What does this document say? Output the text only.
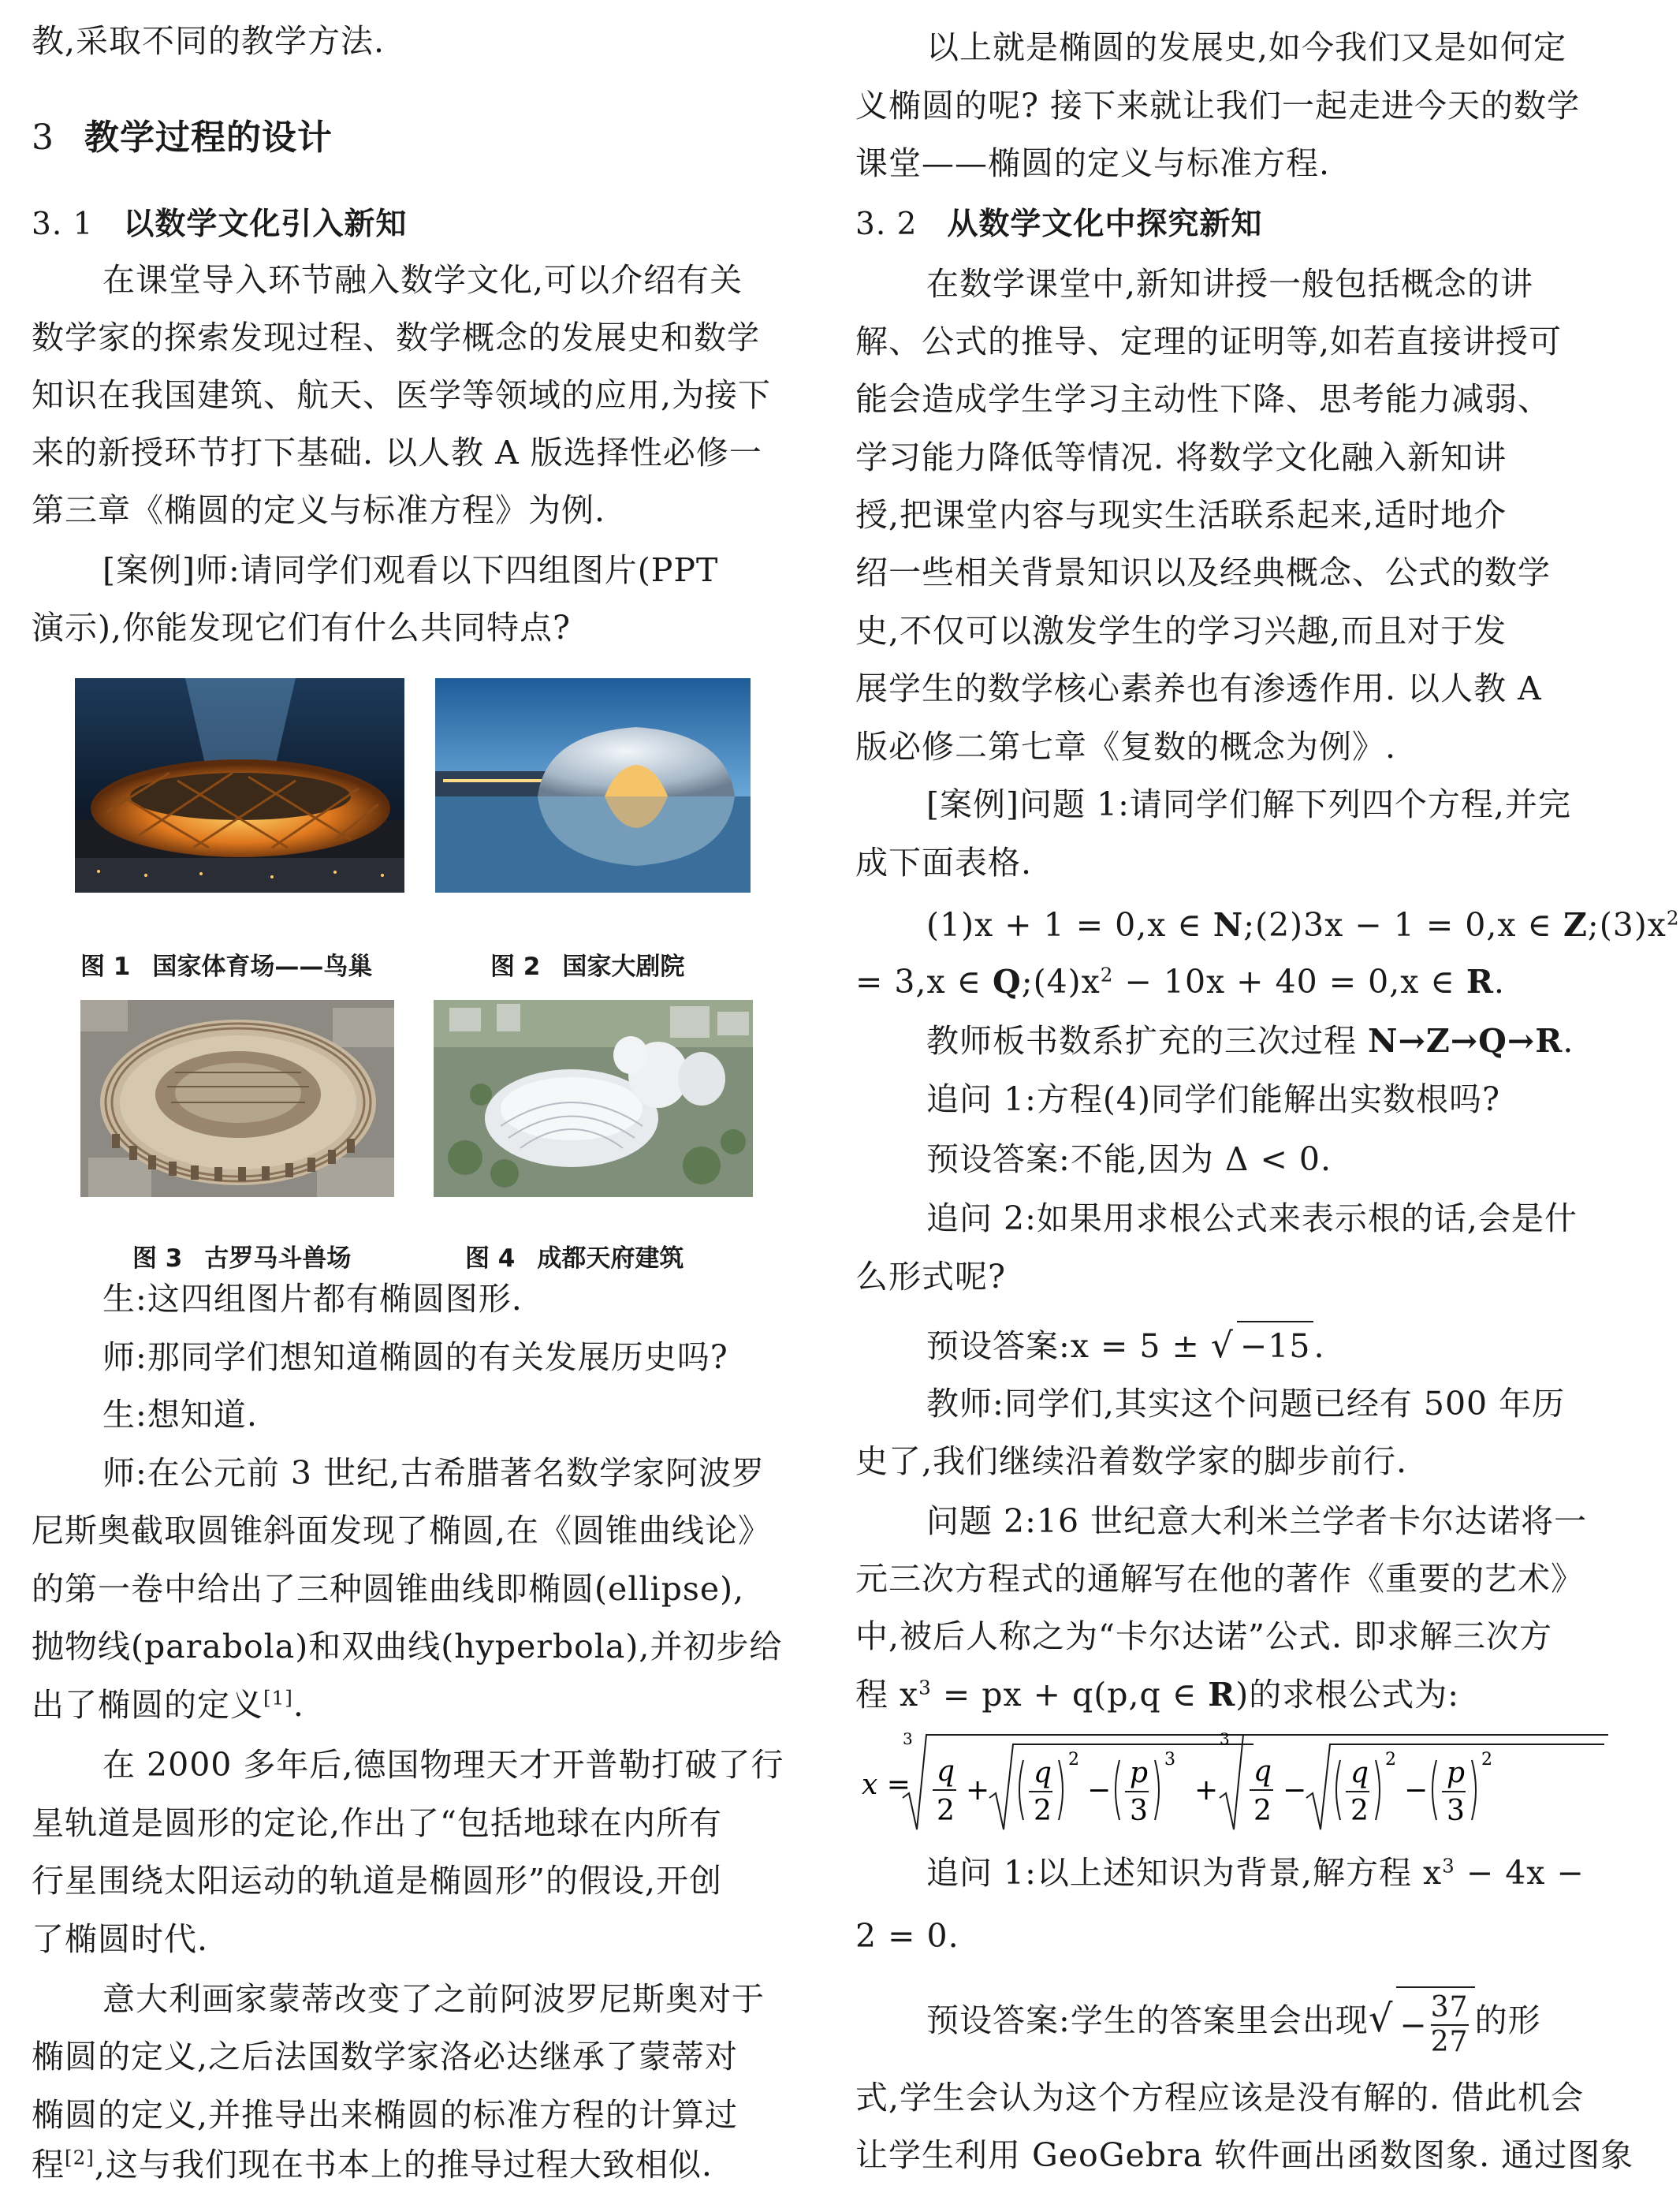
教,采取不同的教学方法.
3 教学过程的设计
3. 1 以数学文化引入新知
在课堂导入环节融入数学文化,可以介绍有关
数学家的探索发现过程、数学概念的发展史和数学
知识在我国建筑、航天、医学等领域的应用,为接下
来的新授环节打下基础. 以人教 A 版选择性必修一
第三章《椭圆的定义与标准方程》为例.
[案例]师:请同学们观看以下四组图片(PPT
演示),你能发现它们有什么共同特点?
图 1 国家体育场——鸟巢	图 2 国家大剧院
图 3 古罗马斗兽场	图 4 成都天府建筑
生:这四组图片都有椭圆图形.
师:那同学们想知道椭圆的有关发展历史吗?
生:想知道.
师:在公元前 3 世纪,古希腊著名数学家阿波罗
尼斯奥截取圆锥斜面发现了椭圆,在《圆锥曲线论》
的第一卷中给出了三种圆锥曲线即椭圆(ellipse),
抛物线(parabola)和双曲线(hyperbola),并初步给
出了椭圆的定义[1].
在 2000 多年后,德国物理天才开普勒打破了行
星轨道是圆形的定论,作出了“包括地球在内所有
行星围绕太阳运动的轨道是椭圆形”的假设,开创
了椭圆时代.
意大利画家蒙蒂改变了之前阿波罗尼斯奥对于
椭圆的定义,之后法国数学家洛必达继承了蒙蒂对
椭圆的定义,并推导出来椭圆的标准方程的计算过
程[2],这与我们现在书本上的推导过程大致相似.
以上就是椭圆的发展史,如今我们又是如何定
义椭圆的呢? 接下来就让我们一起走进今天的数学
课堂——椭圆的定义与标准方程.
3. 2 从数学文化中探究新知
在数学课堂中,新知讲授一般包括概念的讲
解、公式的推导、定理的证明等,如若直接讲授可
能会造成学生学习主动性下降、思考能力减弱、
学习能力降低等情况. 将数学文化融入新知讲
授,把课堂内容与现实生活联系起来,适时地介
绍一些相关背景知识以及经典概念、公式的数学
史,不仅可以激发学生的学习兴趣,而且对于发
展学生的数学核心素养也有渗透作用. 以人教 A
版必修二第七章《复数的概念为例》.
[案例]问题 1:请同学们解下列四个方程,并完
成下面表格.
(1)x + 1 = 0,x ∈ N;(2)3x − 1 = 0,x ∈ $Z;(3)x^2$
= 3,x ∈ $Q;(4)x^2 - 10x + 40 = 0,x$ ∈ R.
教师板书数系扩充的三次过程 N→Z→Q→R.
追问 1:方程(4)同学们能解出实数根吗?
预设答案:不能,因为 Δ < 0.
追问 2:如果用求根公式来表示根的话,会是什
么形式呢?
预设答案:x = 5 ± √ −15.
教师:同学们,其实这个问题已经有 500 年历
史了,我们继续沿着数学家的脚步前行.
问题 2:16 世纪意大利米兰学者卡尔达诺将一
元三次方程式的通解写在他的著作《重要的艺术》
中,被后人称之为“卡尔达诺”公式. 即求解三次方
程 $x^3$ = px + q(p,q ∈ R)的求根公式为:
x =
3
q
2
+
q
2
2
−
p
3
3
+
3
q
2
−
q
2
2
−
p
3
2
追问 1:以上述知识为背景,解方程 $x^3 - 4x$ −
2 = 0.
预设答案:学生的答案里会出现√ − $\frac{37}{27}$ 的形
式,学生会认为这个方程应该是没有解的. 借此机会
让学生利用 GeoGebra 软件画出函数图象. 通过图象
